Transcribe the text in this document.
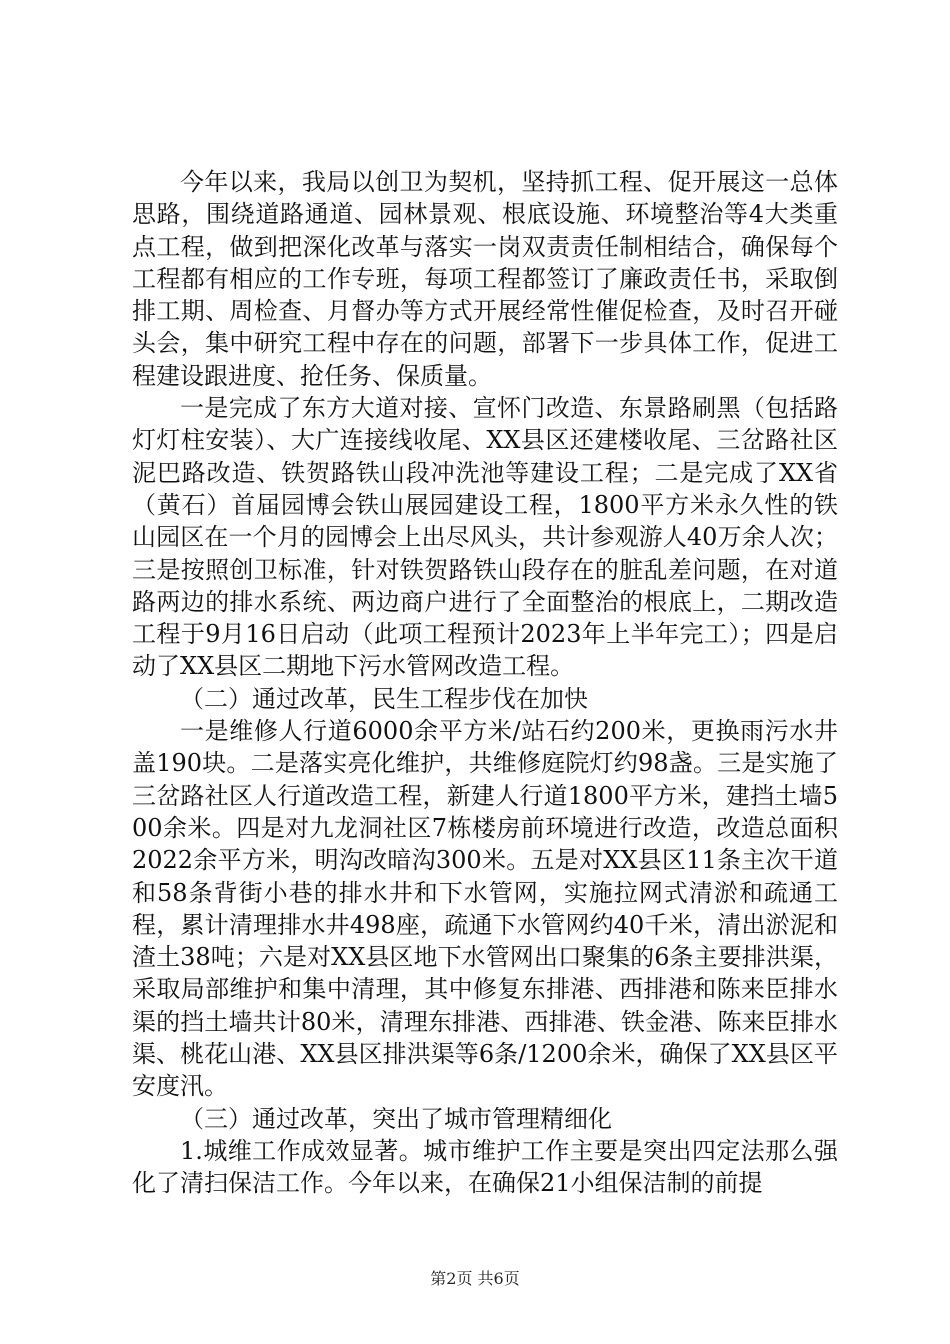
今年以来，我局以创卫为契机，坚持抓工程、促开展这一总体思路，围绕道路通道、园林景观、根底设施、环境整治等4大类重点工程，做到把深化改革与落实一岗双责责任制相结合，确保每个工程都有相应的工作专班，每项工程都签订了廉政责任书，采取倒排工期、周检查、月督办等方式开展经常性催促检查，及时召开碰头会，集中研究工程中存在的问题，部署下一步具体工作，促进工程建设跟进度、抢任务、保质量。

一是完成了东方大道对接、宣怀门改造、东景路刷黑（包括路灯灯柱安装）、大广连接线收尾、XX县区还建楼收尾、三岔路社区泥巴路改造、铁贺路铁山段冲洗池等建设工程；二是完成了XX省（黄石）首届园博会铁山展园建设工程，1800平方米永久性的铁山园区在一个月的园博会上出尽风头，共计参观游人40万余人次；三是按照创卫标准，针对铁贺路铁山段存在的脏乱差问题，在对道路两边的排水系统、两边商户进行了全面整治的根底上，二期改造工程于9月16日启动（此项工程预计2023年上半年完工）；四是启动了XX县区二期地下污水管网改造工程。

（二）通过改革，民生工程步伐在加快

一是维修人行道6000余平方米/站石约200米，更换雨污水井盖190块。二是落实亮化维护，共维修庭院灯约98盏。三是实施了三岔路社区人行道改造工程，新建人行道1800平方米，建挡土墙500余米。四是对九龙洞社区7栋楼房前环境进行改造，改造总面积2022余平方米，明沟改暗沟300米。五是对XX县区11条主次干道和58条背街小巷的排水井和下水管网，实施拉网式清淤和疏通工程，累计清理排水井498座，疏通下水管网约40千米，清出淤泥和渣土38吨；六是对XX县区地下水管网出口聚集的6条主要排洪渠，采取局部维护和集中清理，其中修复东排港、西排港和陈来臣排水渠的挡土墙共计80米，清理东排港、西排港、铁金港、陈来臣排水渠、桃花山港、XX县区排洪渠等6条/1200余米，确保了XX县区平安度汛。

（三）通过改革，突出了城市管理精细化

1.城维工作成效显著。城市维护工作主要是突出四定法那么强化了清扫保洁工作。今年以来，在确保21小组保洁制的前提

第2页 共6页
